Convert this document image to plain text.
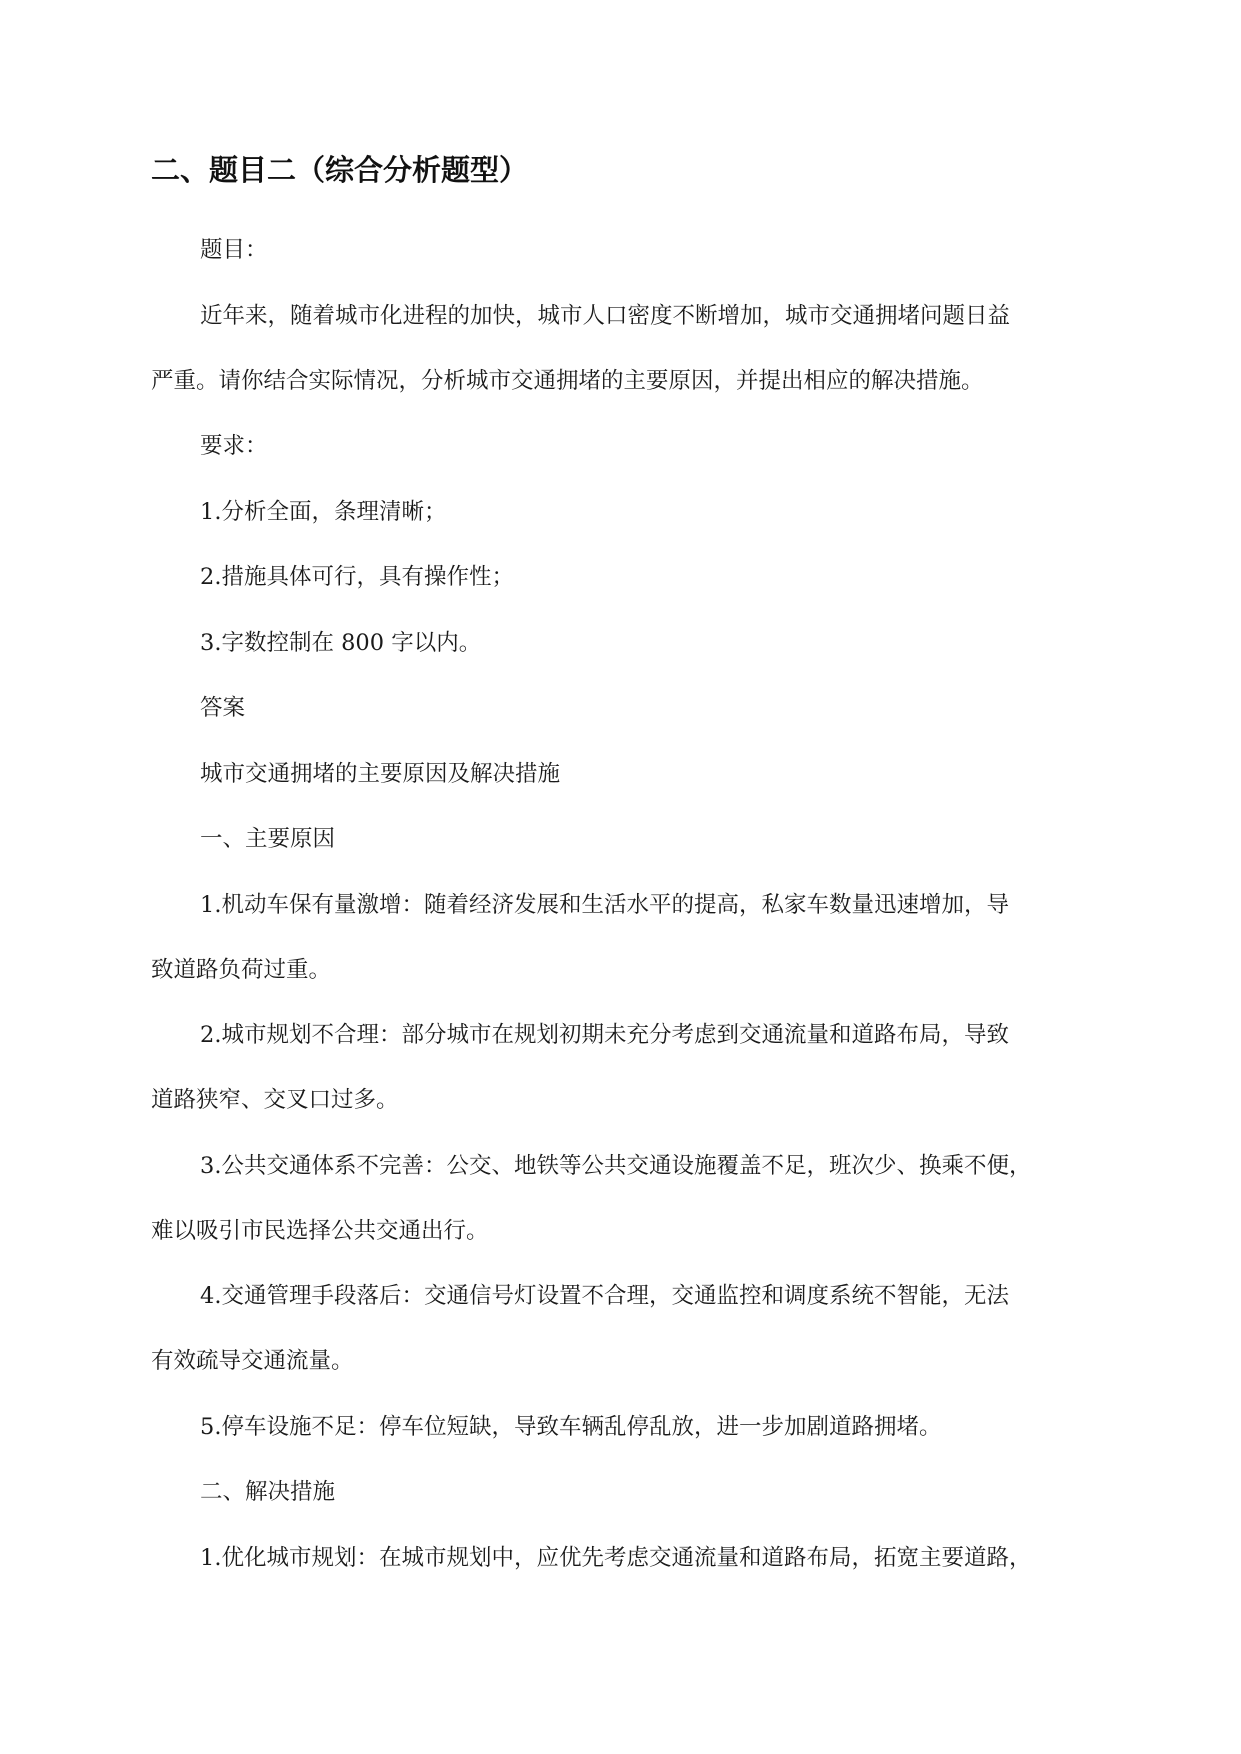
二、题目二（综合分析题型）

题目：

近年来，随着城市化进程的加快，城市人口密度不断增加，城市交通拥堵问题日益
严重。请你结合实际情况，分析城市交通拥堵的主要原因，并提出相应的解决措施。

要求：

1.分析全面，条理清晰；

2.措施具体可行，具有操作性；

3.字数控制在 800 字以内。

答案

城市交通拥堵的主要原因及解决措施

一、主要原因

1.机动车保有量激增：随着经济发展和生活水平的提高，私家车数量迅速增加，导
致道路负荷过重。

2.城市规划不合理：部分城市在规划初期未充分考虑到交通流量和道路布局，导致
道路狭窄、交叉口过多。

3.公共交通体系不完善：公交、地铁等公共交通设施覆盖不足，班次少、换乘不便，
难以吸引市民选择公共交通出行。

4.交通管理手段落后：交通信号灯设置不合理，交通监控和调度系统不智能，无法
有效疏导交通流量。

5.停车设施不足：停车位短缺，导致车辆乱停乱放，进一步加剧道路拥堵。

二、解决措施

1.优化城市规划：在城市规划中，应优先考虑交通流量和道路布局，拓宽主要道路，
